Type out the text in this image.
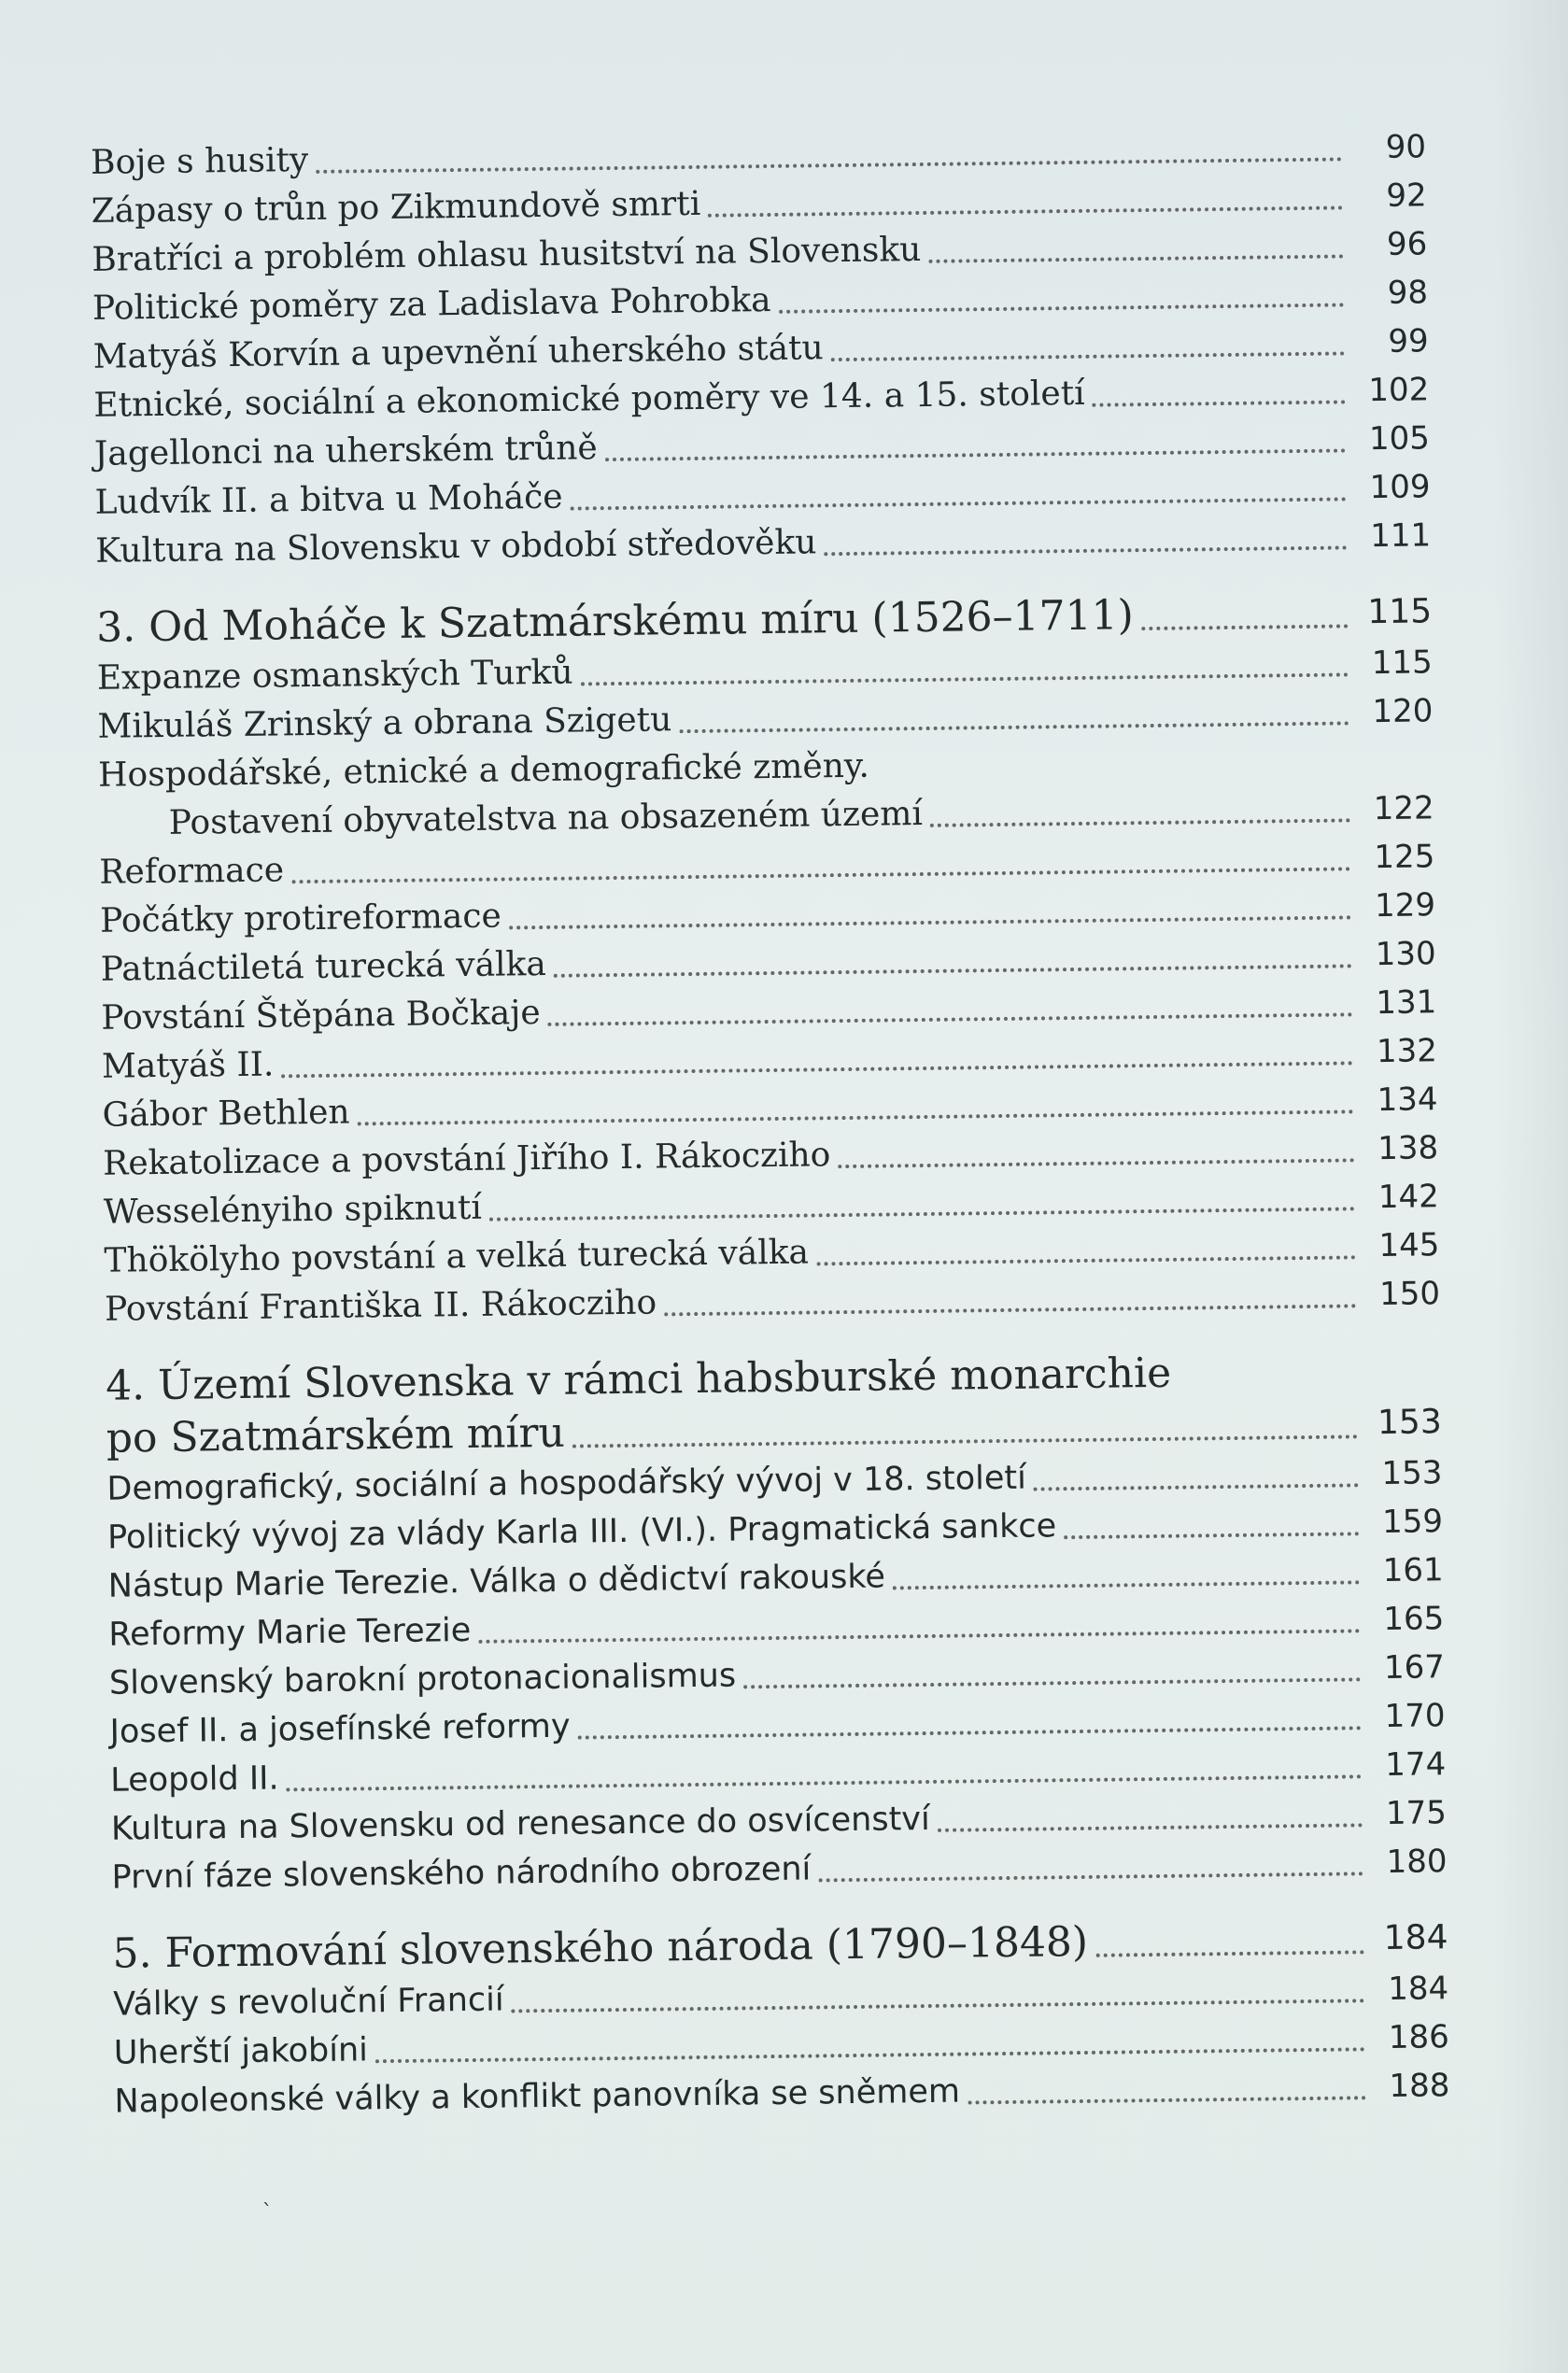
Boje s husity	90
Zápasy o trůn po Zikmundově smrti	92
Bratříci a problém ohlasu husitství na Slovensku	96
Politické poměry za Ladislava Pohrobka	98
Matyáš Korvín a upevnění uherského státu	99
Etnické, sociální a ekonomické poměry ve 14. a 15. století	102
Jagellonci na uherském trůně	105
Ludvík II. a bitva u Moháče	109
Kultura na Slovensku v období středověku	111
3. Od Moháče k Szatmárskému míru (1526–1711)	115
Expanze osmanských Turků	115
Mikuláš Zrinský a obrana Szigetu	120
Hospodářské, etnické a demografické změny.
Postavení obyvatelstva na obsazeném území	122
Reformace	125
Počátky protireformace	129
Patnáctiletá turecká válka	130
Povstání Štěpána Bočkaje	131
Matyáš II.	132
Gábor Bethlen	134
Rekatolizace a povstání Jiřího I. Rákocziho	138
Wesselényiho spiknutí	142
Thökölyho povstání a velká turecká válka	145
Povstání Františka II. Rákocziho	150
4. Území Slovenska v rámci habsburské monarchie
po Szatmárském míru	153
Demografický, sociální a hospodářský vývoj v 18. století	153
Politický vývoj za vlády Karla III. (VI.). Pragmatická sankce	159
Nástup Marie Terezie. Válka o dědictví rakouské	161
Reformy Marie Terezie	165
Slovenský barokní protonacionalismus	167
Josef II. a josefínské reformy	170
Leopold II.	174
Kultura na Slovensku od renesance do osvícenství	175
První fáze slovenského národního obrození	180
5. Formování slovenského národa (1790–1848)	184
Války s revoluční Francií	184
Uherští jakobíni	186
Napoleonské války a konflikt panovníka se sněmem	188
ˋ
